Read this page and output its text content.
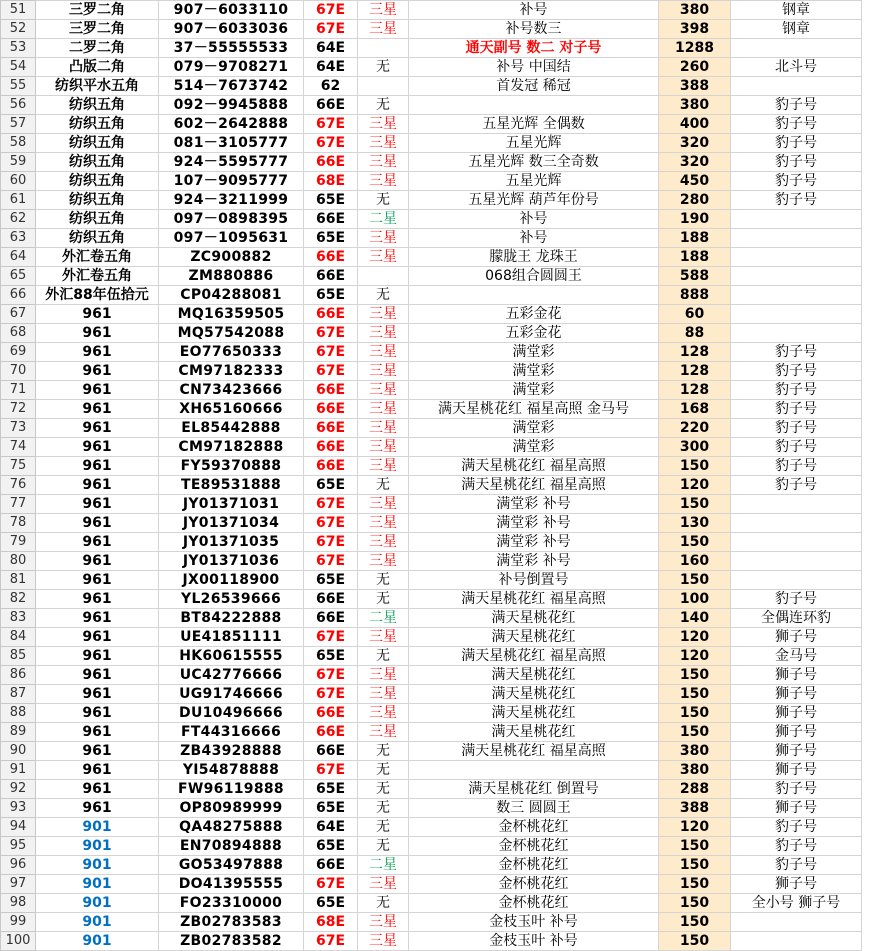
51	三罗二角	907－6033110	67E	三星	补号	380	钢章
52	三罗二角	907－6033036	67E	三星	补号数三	398	钢章
53	二罗二角	37－55555533	64E		通天副号 数二 对子号	1288	
54	凸版二角	079－9708271	64E	无	补号 中国结	260	北斗号
55	纺织平水五角	514－7673742	62		首发冠 稀冠	388	
56	纺织五角	092－9945888	66E	无		380	豹子号
57	纺织五角	602－2642888	67E	三星	五星光辉 全偶数	400	豹子号
58	纺织五角	081－3105777	67E	三星	五星光辉	320	豹子号
59	纺织五角	924－5595777	66E	三星	五星光辉 数三全奇数	320	豹子号
60	纺织五角	107－9095777	68E	三星	五星光辉	450	豹子号
61	纺织五角	924－3211999	65E	无	五星光辉 葫芦年份号	280	豹子号
62	纺织五角	097－0898395	66E	二星	补号	190	
63	纺织五角	097－1095631	65E	三星	补号	188	
64	外汇卷五角	ZC900882	66E	三星	朦胧王 龙珠王	188	
65	外汇卷五角	ZM880886	66E		068组合圆圆王	588	
66	外汇88年伍拾元	CP04288081	65E	无		888	
67	961	MQ16359505	66E	三星	五彩金花	60	
68	961	MQ57542088	67E	三星	五彩金花	88	
69	961	EO77650333	67E	三星	满堂彩	128	豹子号
70	961	CM97182333	67E	三星	满堂彩	128	豹子号
71	961	CN73423666	66E	三星	满堂彩	128	豹子号
72	961	XH65160666	66E	三星	满天星桃花红 福星高照 金马号	168	豹子号
73	961	EL85442888	66E	三星	满堂彩	220	豹子号
74	961	CM97182888	66E	三星	满堂彩	300	豹子号
75	961	FY59370888	66E	三星	满天星桃花红 福星高照	150	豹子号
76	961	TE89531888	65E	无	满天星桃花红 福星高照	120	豹子号
77	961	JY01371031	67E	三星	满堂彩 补号	150	
78	961	JY01371034	67E	三星	满堂彩 补号	130	
79	961	JY01371035	67E	三星	满堂彩 补号	150	
80	961	JY01371036	67E	三星	满堂彩 补号	160	
81	961	JX00118900	65E	无	补号倒置号	150	
82	961	YL26539666	66E	无	满天星桃花红 福星高照	100	豹子号
83	961	BT84222888	66E	二星	满天星桃花红	140	全偶连环豹
84	961	UE41851111	67E	三星	满天星桃花红	120	狮子号
85	961	HK60615555	65E	无	满天星桃花红 福星高照	120	金马号
86	961	UC42776666	67E	三星	满天星桃花红	150	狮子号
87	961	UG91746666	67E	三星	满天星桃花红	150	狮子号
88	961	DU10496666	66E	三星	满天星桃花红	150	狮子号
89	961	FT44316666	66E	三星	满天星桃花红	150	狮子号
90	961	ZB43928888	66E	无	满天星桃花红 福星高照	380	狮子号
91	961	YI54878888	67E	无		380	狮子号
92	961	FW96119888	65E	无	满天星桃花红 倒置号	288	豹子号
93	961	OP80989999	65E	无	数三 圆圆王	388	狮子号
94	901	QA48275888	64E	无	金杯桃花红	120	豹子号
95	901	EN70894888	65E	无	金杯桃花红	150	豹子号
96	901	GO53497888	66E	二星	金杯桃花红	150	豹子号
97	901	DO41395555	67E	三星	金杯桃花红	150	狮子号
98	901	FO23310000	65E	无	金杯桃花红	150	全小号 狮子号
99	901	ZB02783583	68E	三星	金枝玉叶 补号	150	
100	901	ZB02783582	67E	三星	金枝玉叶 补号	150	
